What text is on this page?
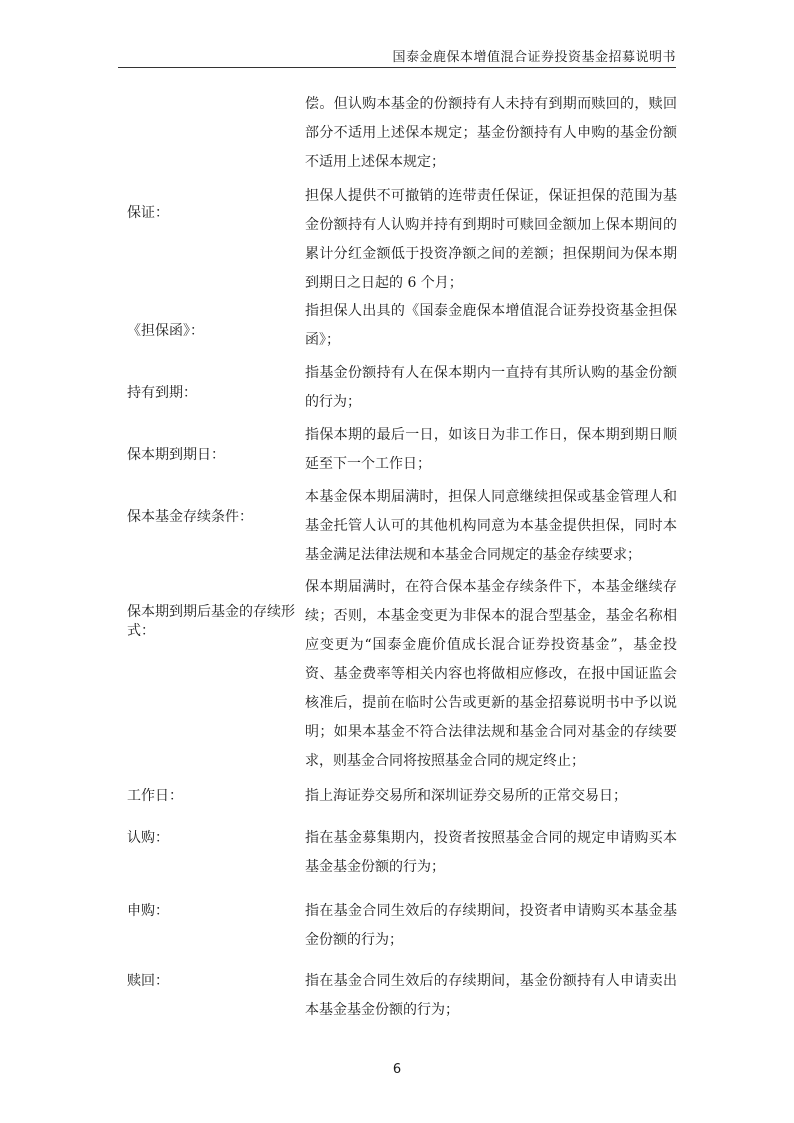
国泰金鹿保本增值混合证券投资基金招募说明书
偿。但认购本基金的份额持有人未持有到期而赎回的，赎回部分不适用上述保本规定；基金份额持有人申购的基金份额不适用上述保本规定；
保证：
担保人提供不可撤销的连带责任保证，保证担保的范围为基金份额持有人认购并持有到期时可赎回金额加上保本期间的累计分红金额低于投资净额之间的差额；担保期间为保本期到期日之日起的 6 个月；
《担保函》：
指担保人出具的《国泰金鹿保本增值混合证券投资基金担保函》；
持有到期：
指基金份额持有人在保本期内一直持有其所认购的基金份额的行为；
保本期到期日：
指保本期的最后一日，如该日为非工作日，保本期到期日顺延至下一个工作日；
保本基金存续条件：
本基金保本期届满时，担保人同意继续担保或基金管理人和基金托管人认可的其他机构同意为本基金提供担保，同时本基金满足法律法规和本基金合同规定的基金存续要求；
保本期到期后基金的存续形式：
保本期届满时，在符合保本基金存续条件下，本基金继续存续；否则，本基金变更为非保本的混合型基金，基金名称相应变更为“国泰金鹿价值成长混合证券投资基金”，基金投资、基金费率等相关内容也将做相应修改，在报中国证监会核准后，提前在临时公告或更新的基金招募说明书中予以说明；如果本基金不符合法律法规和基金合同对基金的存续要求，则基金合同将按照基金合同的规定终止；
工作日：	指上海证券交易所和深圳证券交易所的正常交易日；
认购：	指在基金募集期内，投资者按照基金合同的规定申请购买本基金基金份额的行为；
申购：	指在基金合同生效后的存续期间，投资者申请购买本基金基金份额的行为；
赎回：	指在基金合同生效后的存续期间，基金份额持有人申请卖出本基金基金份额的行为；
6
